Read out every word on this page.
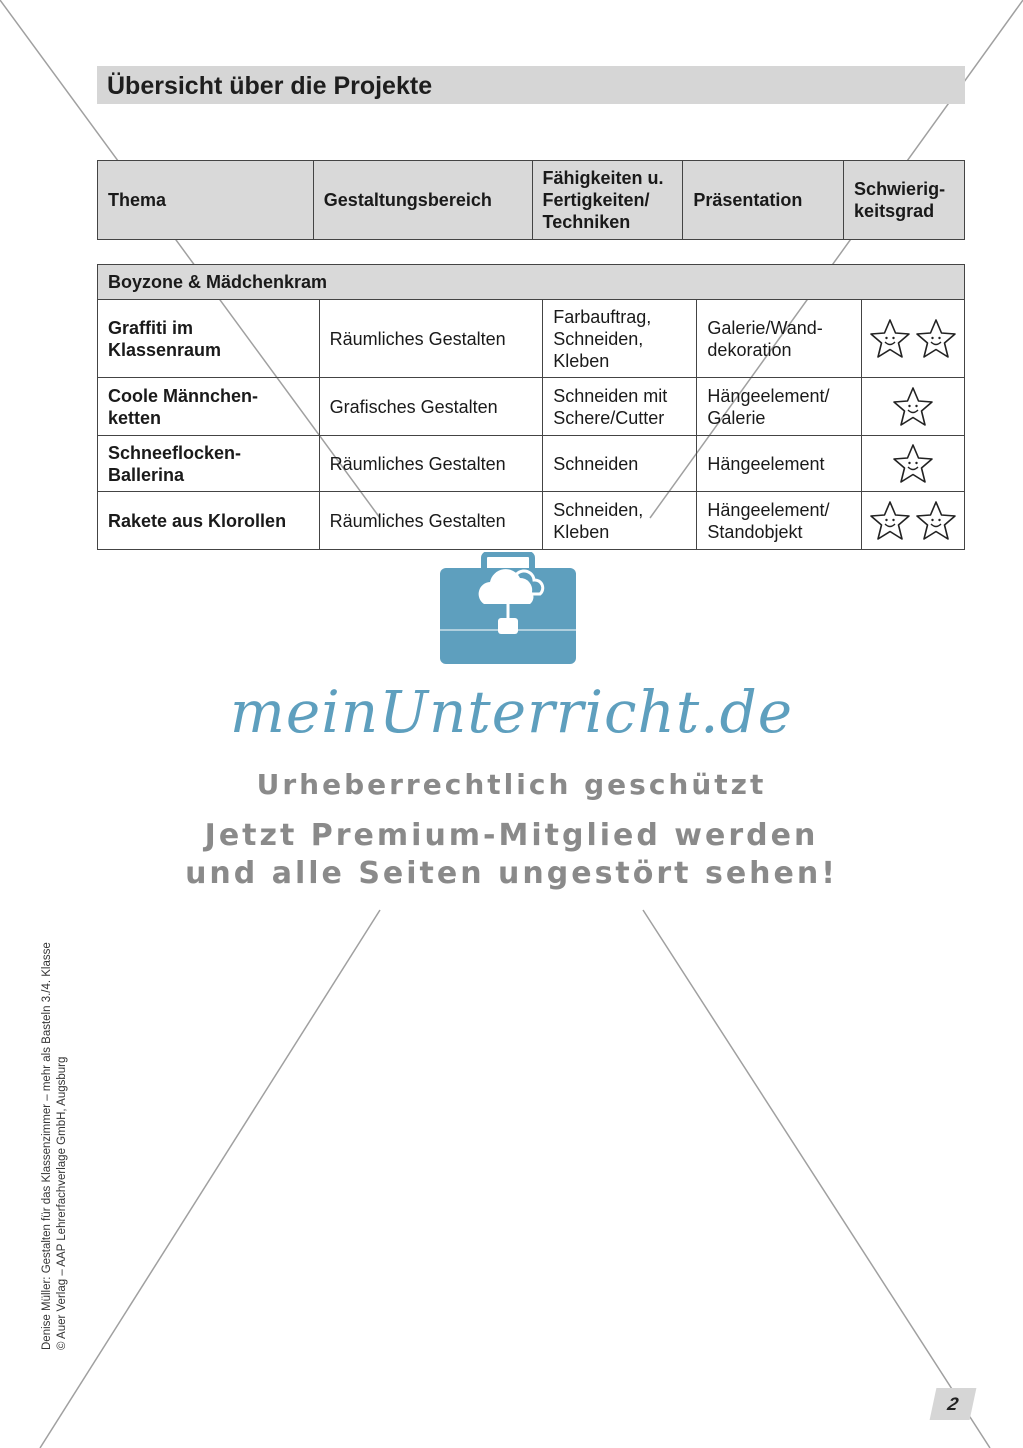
Übersicht über die Projekte
Thema	Gestaltungsbereich	Fähigkeiten u. Fertigkeiten/ Techniken	Präsentation	Schwierig-keitsgrad
Boyzone & Mädchenkram				
Graffiti im Klassenraum	Räumliches Gestalten	Farbauftrag, Schneiden, Kleben	Galerie/Wand-dekoration	
Coole Männchen-ketten	Grafisches Gestalten	Schneiden mit Schere/Cutter	Hängeelement/ Galerie	
Schneeflocken-Ballerina	Räumliches Gestalten	Schneiden	Hängeelement	
Rakete aus Klorollen	Räumliches Gestalten	Schneiden, Kleben	Hängeelement/ Standobjekt	
meinUnterricht.de
Urheberrechtlich geschützt
Jetzt Premium-Mitglied werden
und alle Seiten ungestört sehen!
Denise Müller: Gestalten für das Klassenzimmer – mehr als Basteln 3./4. Klasse © Auer Verlag – AAP Lehrerfachverlage GmbH, Augsburg
2
